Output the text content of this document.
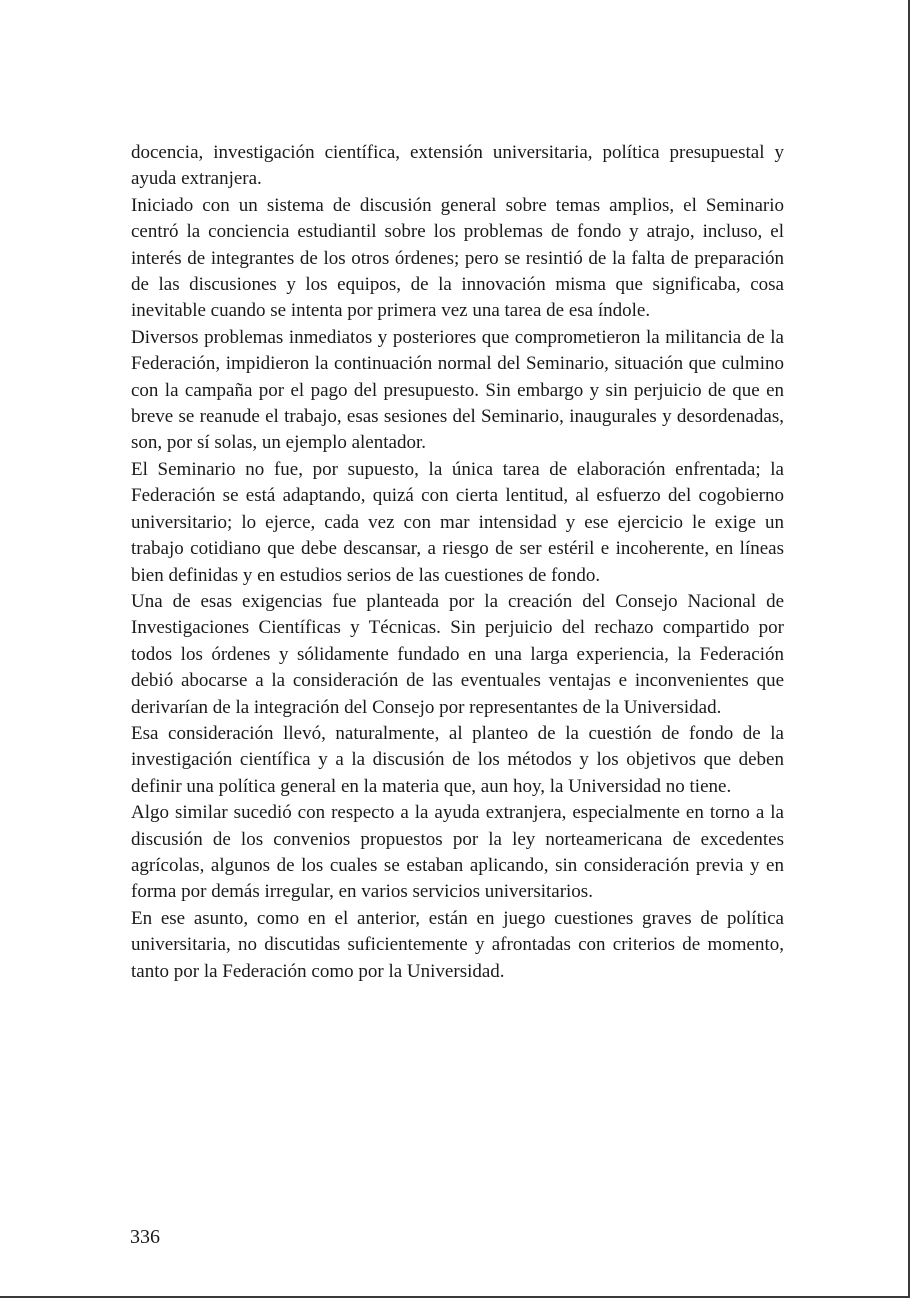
docencia, investigación científica, extensión universitaria, política presupuestal y ayuda extranjera.

Iniciado con un sistema de discusión general sobre temas amplios, el Seminario centró la conciencia estudiantil sobre los problemas de fondo y atrajo, incluso, el interés de integrantes de los otros órdenes; pero se resintió de la falta de preparación de las discusiones y los equipos, de la innovación misma que significaba, cosa inevitable cuando se intenta por primera vez una tarea de esa índole.

Diversos problemas inmediatos y posteriores que comprometieron la militancia de la Federación, impidieron la continuación normal del Seminario, situación que culmino con la campaña por el pago del presupuesto. Sin embargo y sin perjuicio de que en breve se reanude el trabajo, esas sesiones del Seminario, inaugurales y desordenadas, son, por sí solas, un ejemplo alentador.

El Seminario no fue, por supuesto, la única tarea de elaboración enfrentada; la Federación se está adaptando, quizá con cierta lentitud, al esfuerzo del cogobierno universitario; lo ejerce, cada vez con mar intensidad y ese ejercicio le exige un trabajo cotidiano que debe descansar, a riesgo de ser estéril e incoherente, en líneas bien definidas y en estudios serios de las cuestiones de fondo.

Una de esas exigencias fue planteada por la creación del Consejo Nacional de Investigaciones Científicas y Técnicas. Sin perjuicio del rechazo compartido por todos los órdenes y sólidamente fundado en una larga experiencia, la Federación debió abocarse a la consideración de las eventuales ventajas e inconvenientes que derivarían de la integración del Consejo por representantes de la Universidad.

Esa consideración llevó, naturalmente, al planteo de la cuestión de fondo de la investigación científica y a la discusión de los métodos y los objetivos que deben definir una política general en la materia que, aun hoy, la Universidad no tiene.

Algo similar sucedió con respecto a la ayuda extranjera, especialmente en torno a la discusión de los convenios propuestos por la ley norteamericana de excedentes agrícolas, algunos de los cuales se estaban aplicando, sin consideración previa y en forma por demás irregular, en varios servicios universitarios.

En ese asunto, como en el anterior, están en juego cuestiones graves de política universitaria, no discutidas suficientemente y afrontadas con criterios de momento, tanto por la Federación como por la Universidad.

336
